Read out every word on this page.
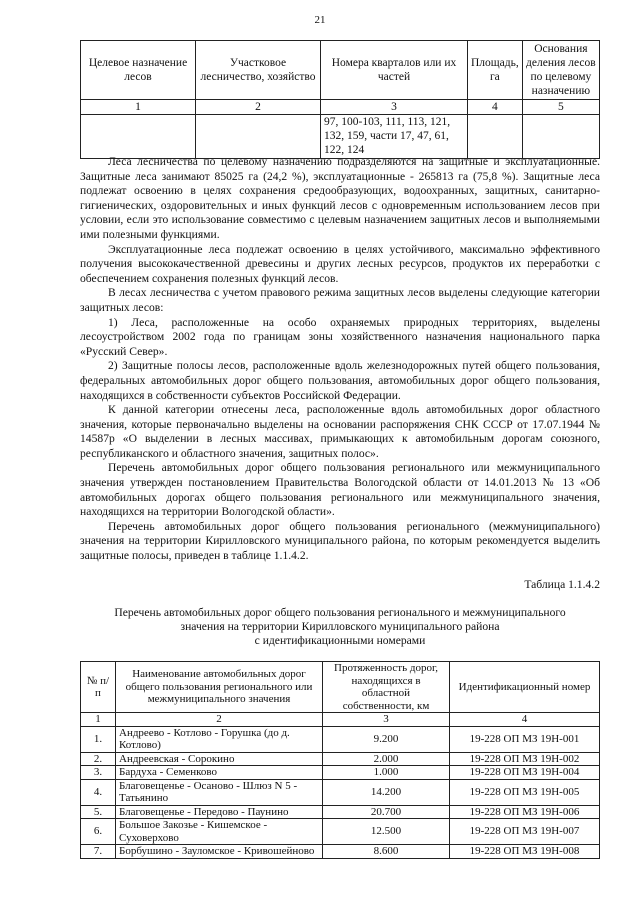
21
Целевое назначение лесов	Участковое лесничество, хозяйство	Номера кварталов или их частей	Площадь, га	Основания деления лесов по целевому назначению
1	2	3	4	5
		97, 100-103, 111, 113, 121, 132, 159, части 17, 47, 61, 122, 124		

Леса лесничества по целевому назначению подразделяются на защитные и эксплуатационные. Защитные леса занимают 85025 га (24,2 %), эксплуатационные - 265813 га (75,8 %). Защитные леса подлежат освоению в целях сохранения средообразующих, водоохранных, защитных, санитарно-гигиенических, оздоровительных и иных функций лесов с одновременным использованием лесов при условии, если это использование совместимо с целевым назначением защитных лесов и выполняемыми ими полезными функциями.

Эксплуатационные леса подлежат освоению в целях устойчивого, максимально эффективного получения высококачественной древесины и других лесных ресурсов, продуктов их переработки с обеспечением сохранения полезных функций лесов.

В лесах лесничества с учетом правового режима защитных лесов выделены следующие категории защитных лесов:

1) Леса, расположенные на особо охраняемых природных территориях, выделены лесоустройством 2002 года по границам зоны хозяйственного назначения национального парка «Русский Север».

2) Защитные полосы лесов, расположенные вдоль железнодорожных путей общего пользования, федеральных автомобильных дорог общего пользования, автомобильных дорог общего пользования, находящихся в собственности субъектов Российской Федерации.

К данной категории отнесены леса, расположенные вдоль автомобильных дорог областного значения, которые первоначально выделены на основании распоряжения СНК СССР от 17.07.1944 № 14587р «О выделении в лесных массивах, примыкающих к автомобильным дорогам союзного, республиканского и областного значения, защитных полос».

Перечень автомобильных дорог общего пользования регионального или межмуниципального значения утвержден постановлением Правительства Вологодской области от 14.01.2013 № 13 «Об автомобильных дорогах общего пользования регионального или межмуниципального значения, находящихся на территории Вологодской области».

Перечень автомобильных дорог общего пользования регионального (межмуниципального) значения на территории Кирилловского муниципального района, по которым рекомендуется выделить защитные полосы, приведен в таблице 1.1.4.2.

Таблица 1.1.4.2
Перечень автомобильных дорог общего пользования регионального и межмуниципального
значения на территории Кирилловского муниципального района
с идентификационными номерами
№ п/п	Наименование автомобильных дорог общего пользования регионального или межмуниципального значения	Протяженность дорог, находящихся в областной собственности, км	Идентификационный номер
1	2	3	4
1.	Андреево - Котлово - Горушка (до д. Котлово)	9.200	19-228 ОП МЗ 19Н-001
2.	Андреевская - Сорокино	2.000	19-228 ОП МЗ 19Н-002
3.	Бардуха - Семенково	1.000	19-228 ОП МЗ 19Н-004
4.	Благовещенье - Осаново - Шлюз N 5 - Татьянино	14.200	19-228 ОП МЗ 19Н-005
5.	Благовещенье - Передово - Паунино	20.700	19-228 ОП МЗ 19Н-006
6.	Большое Закозье - Кишемское - Суховерхово	12.500	19-228 ОП МЗ 19Н-007
7.	Борбушино - Зауломское - Кривошейново	8.600	19-228 ОП МЗ 19Н-008
